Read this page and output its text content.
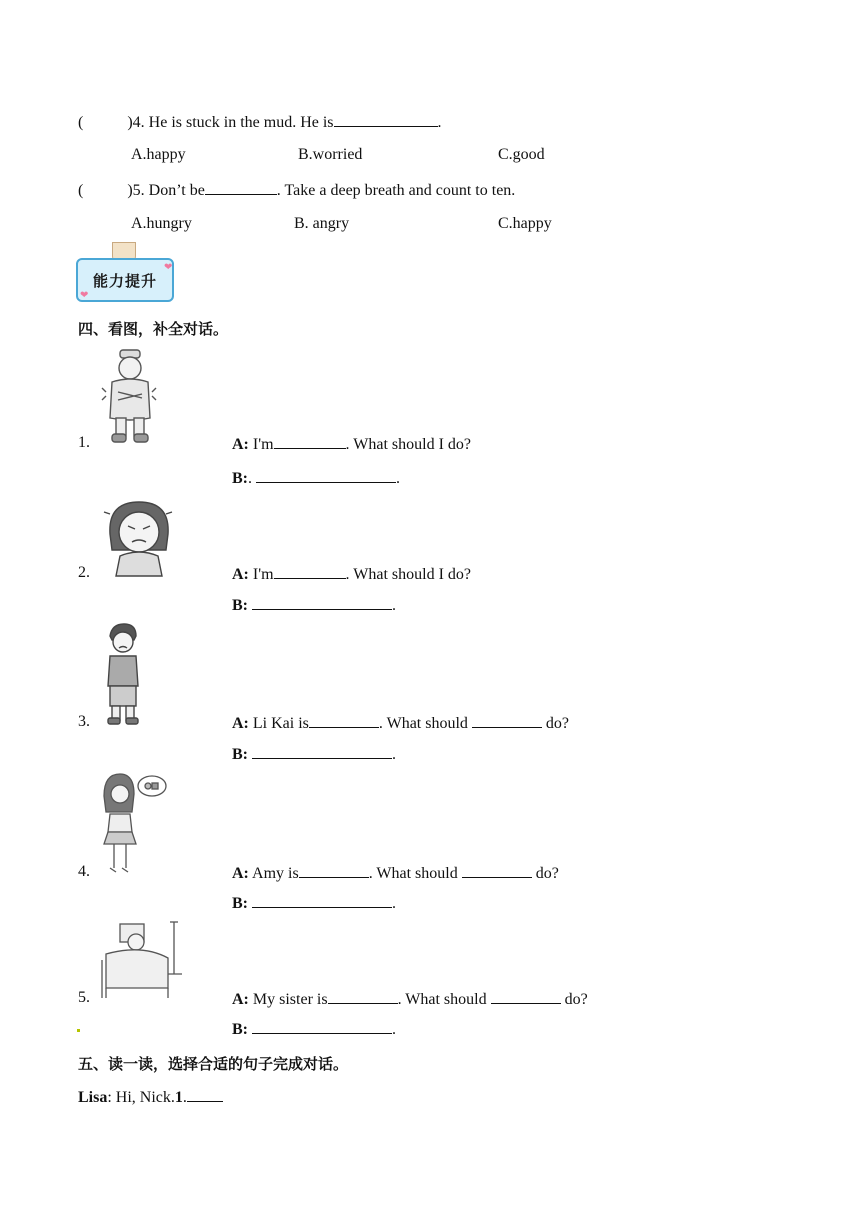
(	)4. He is stuck in the mud. He is	.
A.happy	B.worried	C.good
(	)5. Don’t be	. Take a deep breath and count to ten.
A.hungry	B. angry	C.happy
能力提升
❤
❤
四、看图，补全对话。
1.	A: I'm	. What should I do?
B:.	.
2.	A: I'm	. What should I do?
B:	.
3.	A: Li Kai is	. What should	do?
B:	.
4.	A: Amy is	. What should	do?
B:	.
5.	A: My sister is	. What should	do?
B:	.
五、读一读，选择合适的句子完成对话。
Lisa: Hi, Nick.1.
